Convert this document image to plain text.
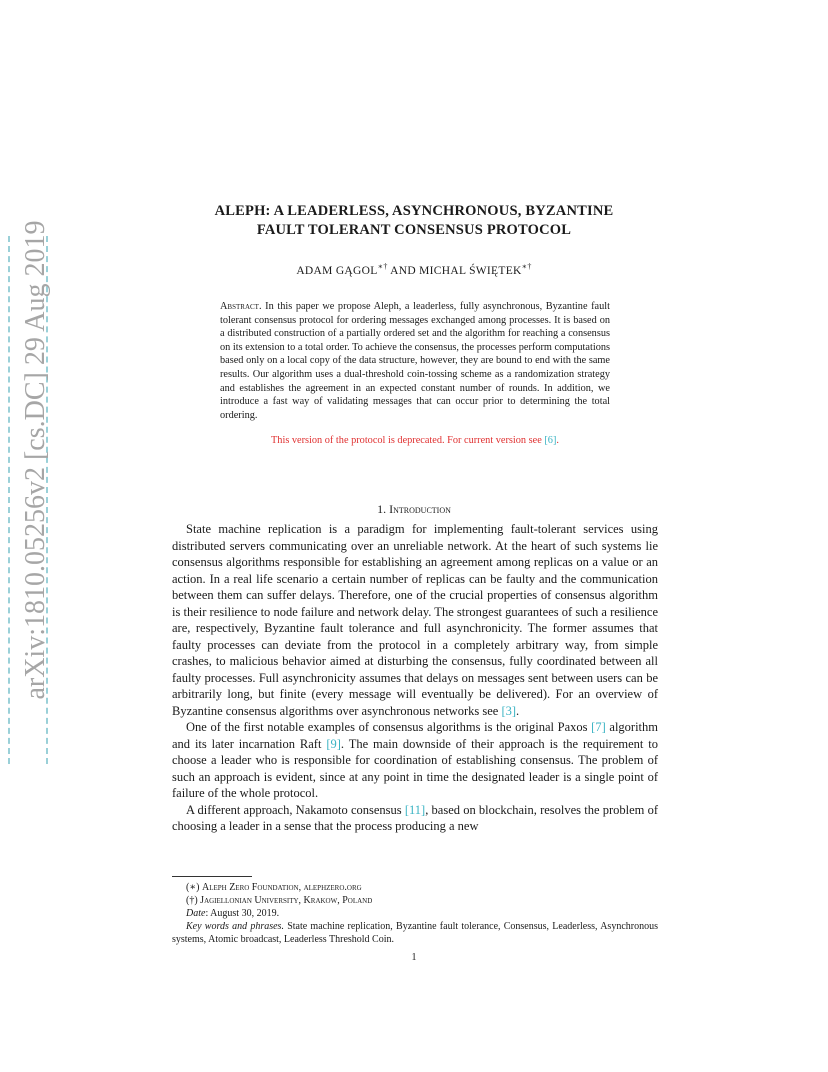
arXiv:1810.05256v2 [cs.DC] 29 Aug 2019
ALEPH: A LEADERLESS, ASYNCHRONOUS, BYZANTINE
FAULT TOLERANT CONSENSUS PROTOCOL
ADAM GĄGOL∗† AND MICHAL ŚWIĘTEK∗†
Abstract. In this paper we propose Aleph, a leaderless, fully asynchronous, Byzantine fault tolerant consensus protocol for ordering messages exchanged among processes. It is based on a distributed construction of a partially ordered set and the algorithm for reaching a consensus on its extension to a total order. To achieve the consensus, the processes perform computations based only on a local copy of the data structure, however, they are bound to end with the same results. Our algorithm uses a dual-threshold coin-tossing scheme as a randomization strategy and establishes the agreement in an expected constant number of rounds. In addition, we introduce a fast way of validating messages that can occur prior to determining the total ordering.
This version of the protocol is deprecated. For current version see [6].
1. Introduction

State machine replication is a paradigm for implementing fault-tolerant services using distributed servers communicating over an unreliable network. At the heart of such systems lie consensus algorithms responsible for establishing an agreement among replicas on a value or an action. In a real life scenario a certain number of replicas can be faulty and the communication between them can suffer delays. Therefore, one of the crucial properties of consensus algorithm is their resilience to node failure and network delay. The strongest guarantees of such a resilience are, respectively, Byzantine fault tolerance and full asynchronicity. The former assumes that faulty processes can deviate from the protocol in a completely arbitrary way, from simple crashes, to malicious behavior aimed at disturbing the consensus, fully coordinated between all faulty processes. Full asynchronicity assumes that delays on messages sent between users can be arbitrarily long, but finite (every message will eventually be delivered). For an overview of Byzantine consensus algorithms over asynchronous networks see [3].

One of the first notable examples of consensus algorithms is the original Paxos [7] algorithm and its later incarnation Raft [9]. The main downside of their approach is the requirement to choose a leader who is responsible for coordination of establishing consensus. The problem of such an approach is evident, since at any point in time the designated leader is a single point of failure of the whole protocol.

A different approach, Nakamoto consensus [11], based on blockchain, resolves the problem of choosing a leader in a sense that the process producing a new

(∗) Aleph Zero Foundation, alephzero.org

(†) Jagiellonian University, Krakow, Poland

Date: August 30, 2019.

Key words and phrases. State machine replication, Byzantine fault tolerance, Consensus, Leaderless, Asynchronous systems, Atomic broadcast, Leaderless Threshold Coin.

1
